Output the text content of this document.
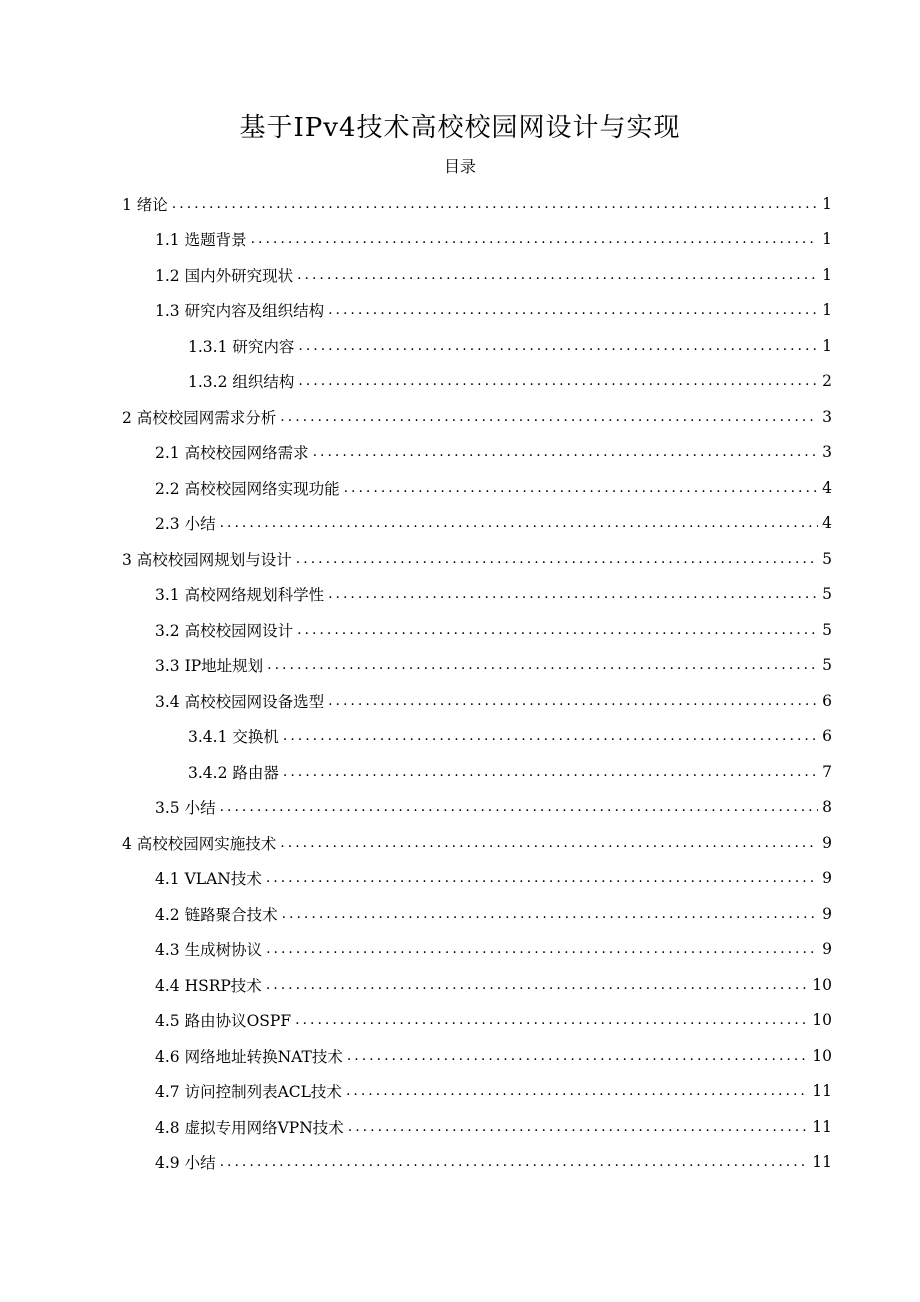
基于IPv4技术高校校园网设计与实现
目录
1 绪论 .....	1
1.1 选题背景 .....	1
1.2 国内外研究现状 .....	1
1.3 研究内容及组织结构 .....	1
1.3.1 研究内容 .....	1
1.3.2 组织结构 .....	2
2 高校校园网需求分析 .....	3
2.1 高校校园网络需求 .....	3
2.2 高校校园网络实现功能 .....	4
2.3 小结 .....	4
3 高校校园网规划与设计 .....	5
3.1 高校网络规划科学性 .....	5
3.2 高校校园网设计 .....	5
3.3 IP地址规划 .....	5
3.4 高校校园网设备选型 .....	6
3.4.1 交换机 .....	6
3.4.2 路由器 .....	7
3.5 小结 .....	8
4 高校校园网实施技术 .....	9
4.1 VLAN技术 .....	9
4.2 链路聚合技术 .....	9
4.3 生成树协议 .....	9
4.4 HSRP技术 .....	10
4.5 路由协议OSPF .....	10
4.6 网络地址转换NAT技术 .....	10
4.7 访问控制列表ACL技术 .....	11
4.8 虚拟专用网络VPN技术 .....	11
4.9 小结 .....	11
